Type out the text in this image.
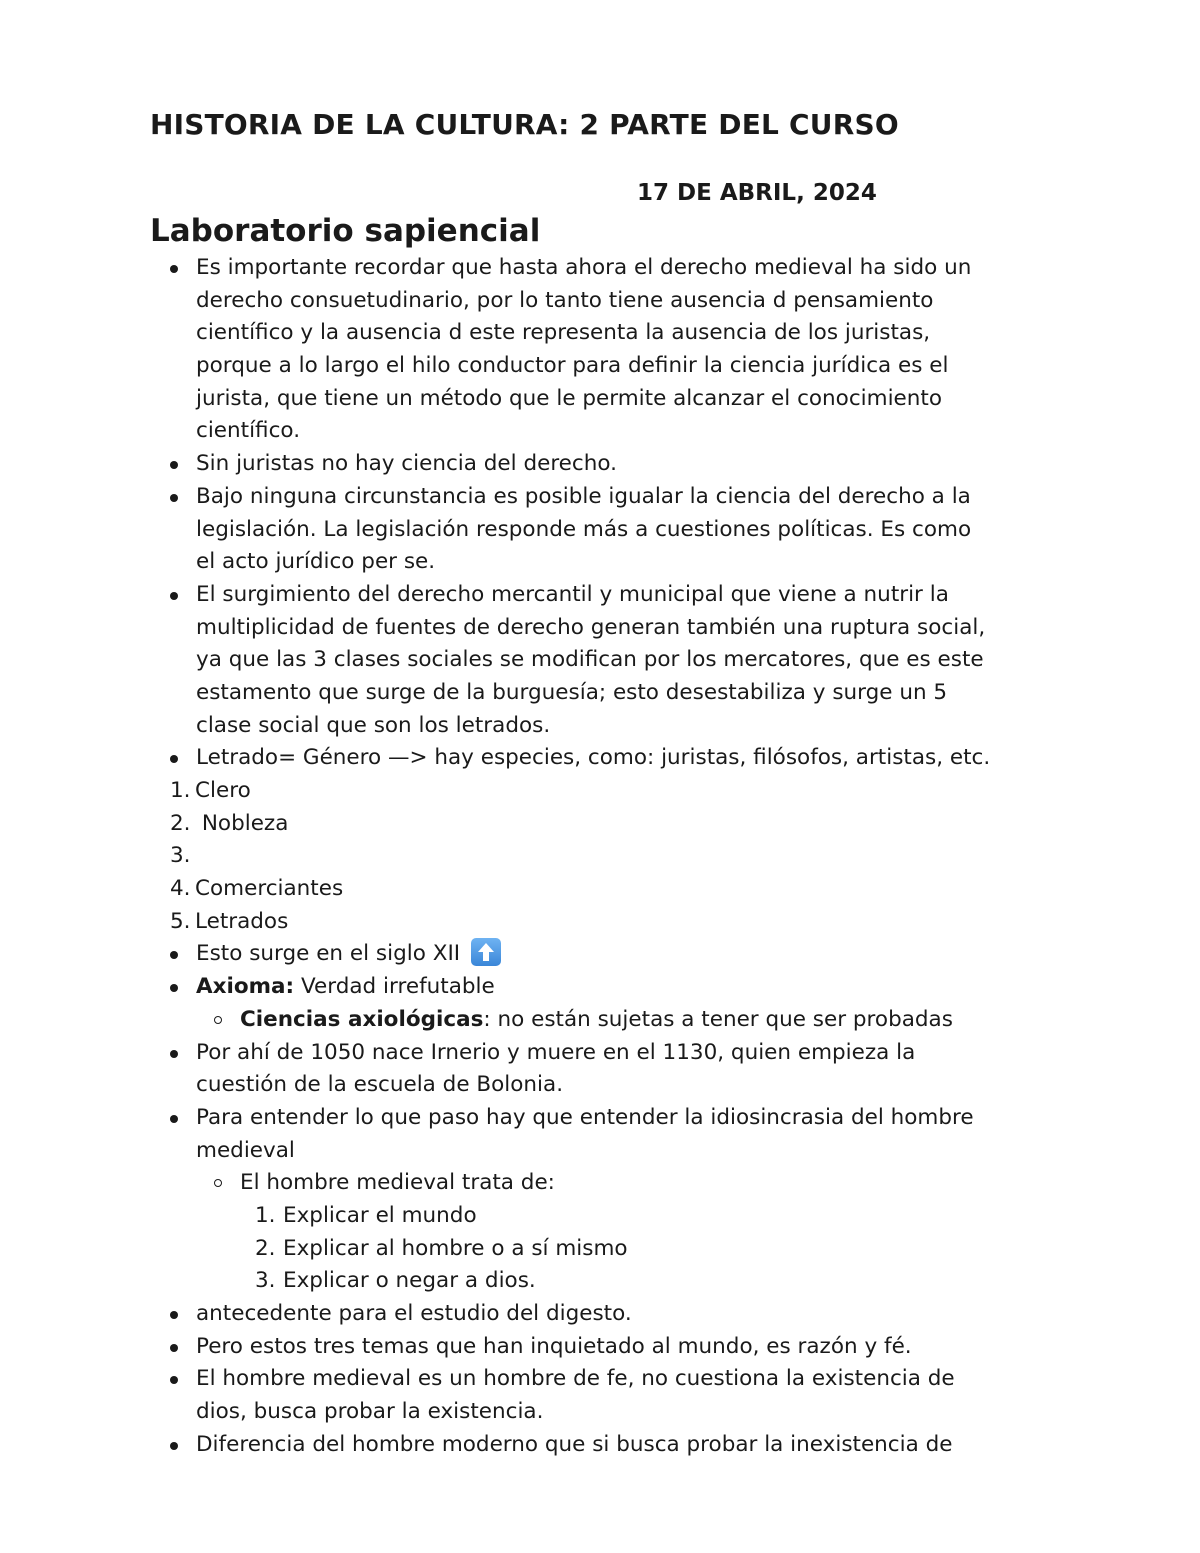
HISTORIA DE LA CULTURA: 2 PARTE DEL CURSO
17 DE ABRIL, 2024
Laboratorio sapiencial
Es importante recordar que hasta ahora el derecho medieval ha sido un
derecho consuetudinario, por lo tanto tiene ausencia d pensamiento
científico y la ausencia d este representa la ausencia de los juristas,
porque a lo largo el hilo conductor para definir la ciencia jurídica es el
jurista, que tiene un método que le permite alcanzar el conocimiento
científico.
Sin juristas no hay ciencia del derecho.
Bajo ninguna circunstancia es posible igualar la ciencia del derecho a la
legislación. La legislación responde más a cuestiones políticas. Es como
el acto jurídico per se.
El surgimiento del derecho mercantil y municipal que viene a nutrir la
multiplicidad de fuentes de derecho generan también una ruptura social,
ya que las 3 clases sociales se modifican por los mercatores, que es este
estamento que surge de la burguesía; esto desestabiliza y surge un 5
clase social que son los letrados.
Letrado= Género —> hay especies, como: juristas, filósofos, artistas, etc.
1. Clero
2. Nobleza
3.
4. Comerciantes
5. Letrados
Esto surge en el siglo XII
Axioma: Verdad irrefutable
Ciencias axiológicas: no están sujetas a tener que ser probadas
Por ahí de 1050 nace Irnerio y muere en el 1130, quien empieza la
cuestión de la escuela de Bolonia.
Para entender lo que paso hay que entender la idiosincrasia del hombre
medieval
El hombre medieval trata de:
1. Explicar el mundo
2. Explicar al hombre o a sí mismo
3. Explicar o negar a dios.
antecedente para el estudio del digesto.
Pero estos tres temas que han inquietado al mundo, es razón y fé.
El hombre medieval es un hombre de fe, no cuestiona la existencia de
dios, busca probar la existencia.
Diferencia del hombre moderno que si busca probar la inexistencia de
